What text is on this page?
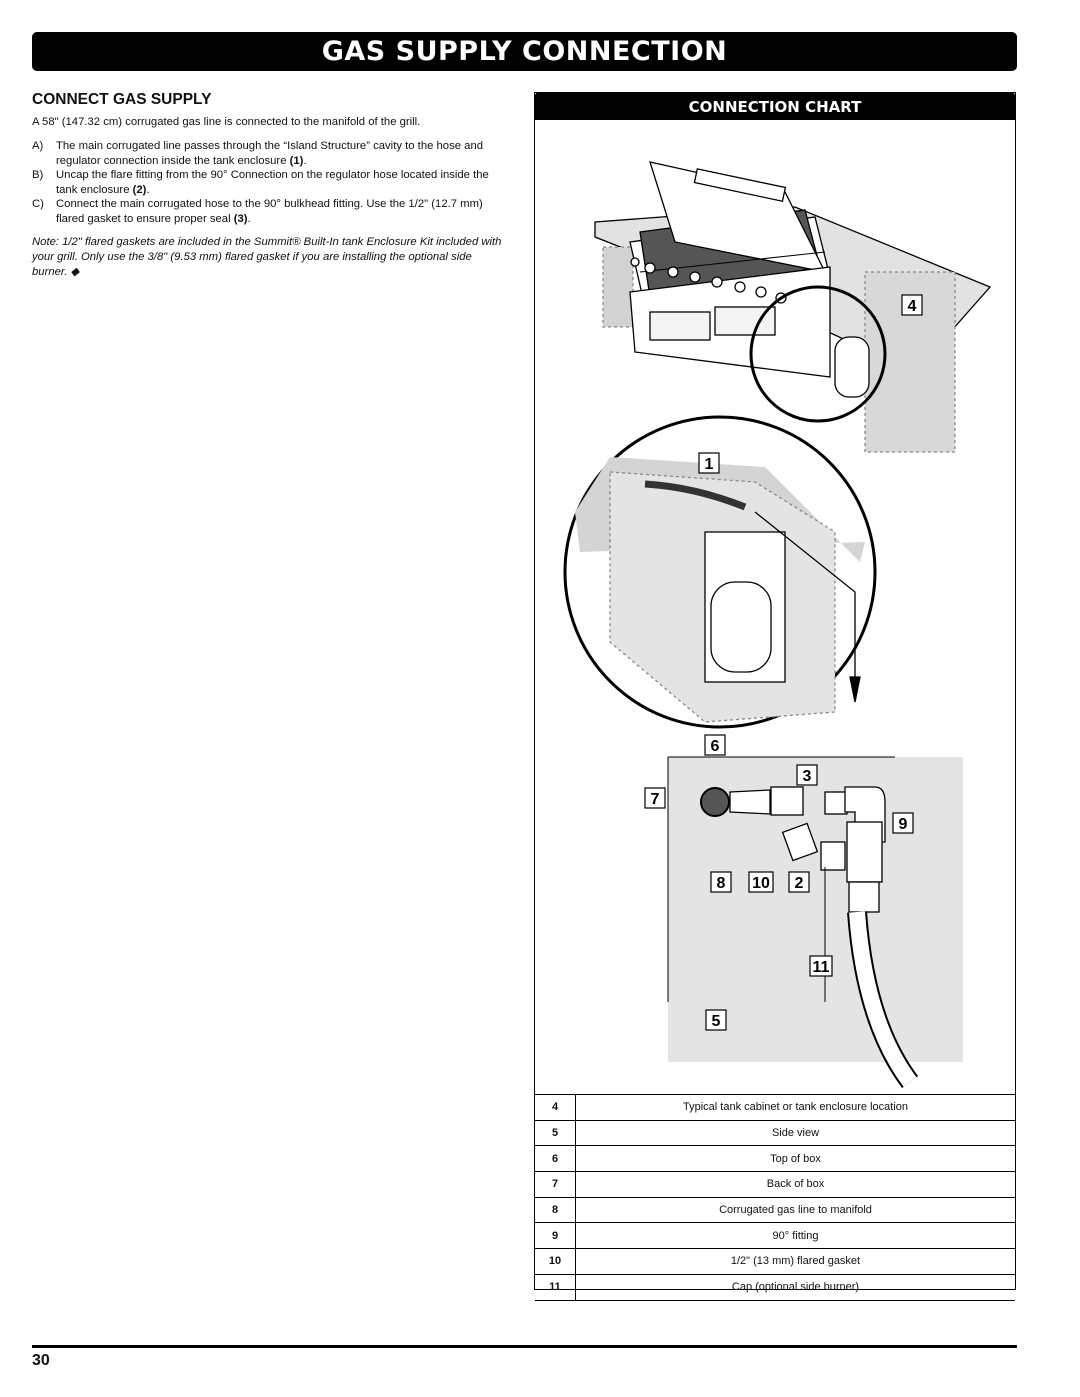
GAS SUPPLY CONNECTION
CONNECT GAS SUPPLY
A 58" (147.32 cm) corrugated gas line is connected to the manifold of the grill.
A)	The main corrugated line passes through the “Island Structure” cavity to the hose and regulator connection inside the tank enclosure (1).
B)	Uncap the flare fitting from the 90° Connection on the regulator hose located inside the tank enclosure (2).
C)	Connect the main corrugated hose to the 90° bulkhead fitting. Use the 1/2" (12.7 mm) flared gasket to ensure proper seal (3).
Note: 1/2" flared gaskets are included in the Summit® Built-In tank Enclosure Kit included with your grill. Only use the 3/8" (9.53 mm) flared gasket if you are installing the optional side burner. ◆
CONNECTION CHART
4
1
6
3
7
9
8 10 2
11
5
4	Typical tank cabinet or tank enclosure location
5	Side view
6	Top of box
7	Back of box
8	Corrugated gas line to manifold
9	90° fitting
10	1/2" (13 mm) flared gasket
11	Cap (optional side burner)
30
